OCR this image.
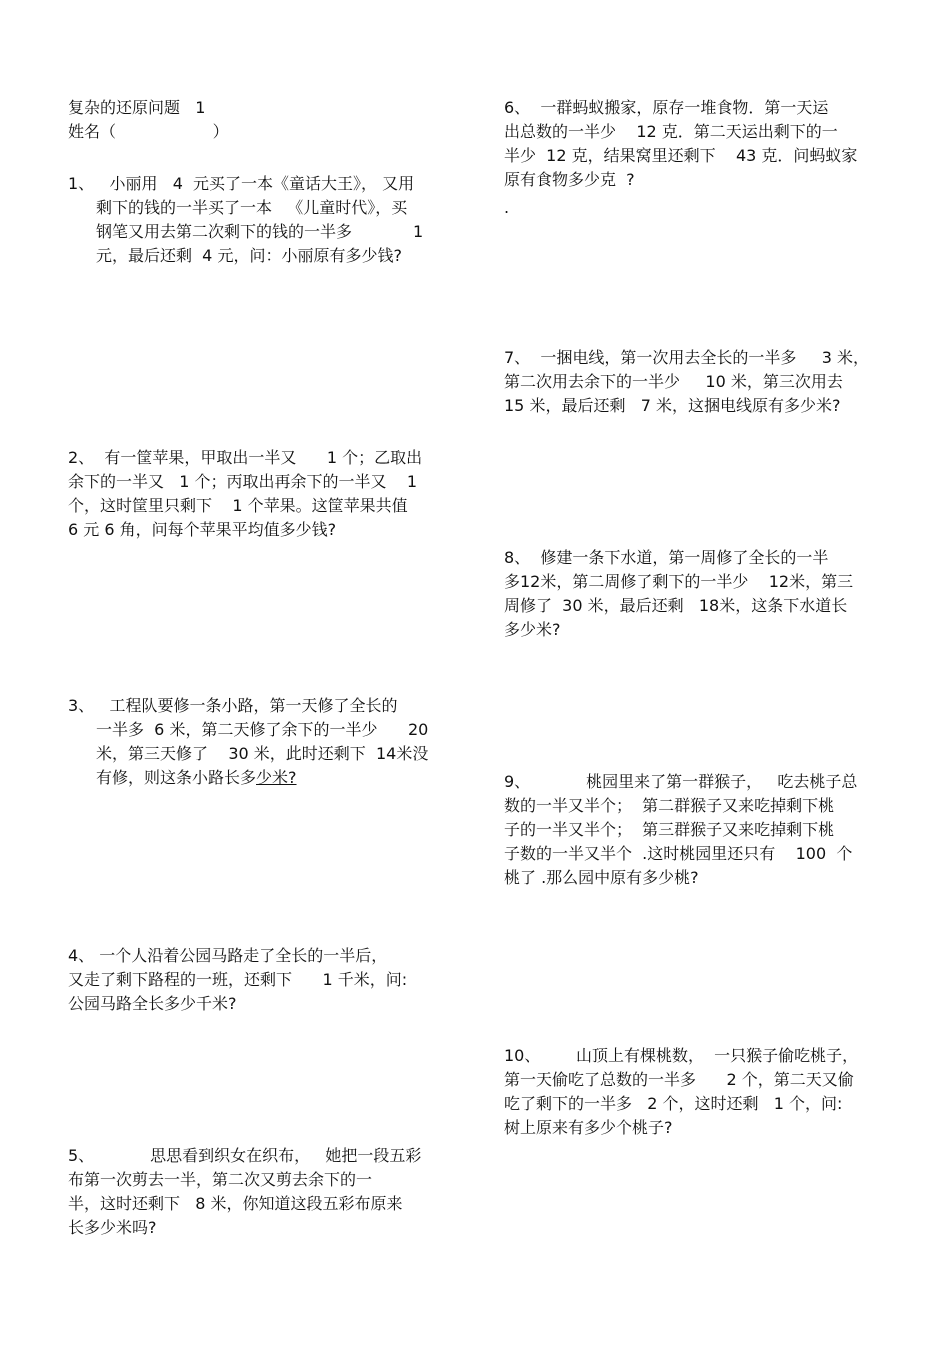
复杂的还原问题   1
姓名（                   ）
1、   小丽用   4  元买了一本《童话大王》， 又用
剩下的钱的一半买了一本   《儿童时代》，买
钢笔又用去第二次剩下的钱的一半多            1
元，最后还剩  4 元，问：小丽原有多少钱?
2、  有一筐苹果，甲取出一半又      1 个；乙取出
余下的一半又   1 个；丙取出再余下的一半又    1
个，这时筐里只剩下    1 个苹果。这筐苹果共值
6 元 6 角，问每个苹果平均值多少钱?
3、   工程队要修一条小路，第一天修了全长的
一半多  6 米，第二天修了余下的一半少      20
米，第三天修了    30 米，此时还剩下  14米没
有修，则这条小路长多少米?
4、 一个人沿着公园马路走了全长的一半后，
又走了剩下路程的一班，还剩下      1 千米，问:
公园马路全长多少千米?
5、           思思看到织女在织布，   她把一段五彩
布第一次剪去一半，第二次又剪去余下的一
半，这时还剩下   8 米，你知道这段五彩布原来
长多少米吗?
6、  一群蚂蚁搬家，原存一堆食物．第一天运
出总数的一半少    12 克．第二天运出剩下的一
半少  12 克，结果窝里还剩下    43 克．问蚂蚁家
原有食物多少克  ?
.
7、  一捆电线，第一次用去全长的一半多     3 米，
第二次用去余下的一半少     10 米，第三次用去
15 米，最后还剩   7 米，这捆电线原有多少米?
8、  修建一条下水道，第一周修了全长的一半
多12米，第二周修了剩下的一半少    12米，第三
周修了  30 米，最后还剩   18米，这条下水道长
多少米?
9、           桃园里来了第一群猴子，   吃去桃子总
数的一半又半个；  第二群猴子又来吃掉剩下桃
子的一半又半个；  第三群猴子又来吃掉剩下桃
子数的一半又半个  .这时桃园里还只有    100  个
桃了 .那么园中原有多少桃?
10、       山顶上有棵桃数，  一只猴子偷吃桃子，
第一天偷吃了总数的一半多      2 个，第二天又偷
吃了剩下的一半多   2 个，这时还剩   1 个，问:
树上原来有多少个桃子?
